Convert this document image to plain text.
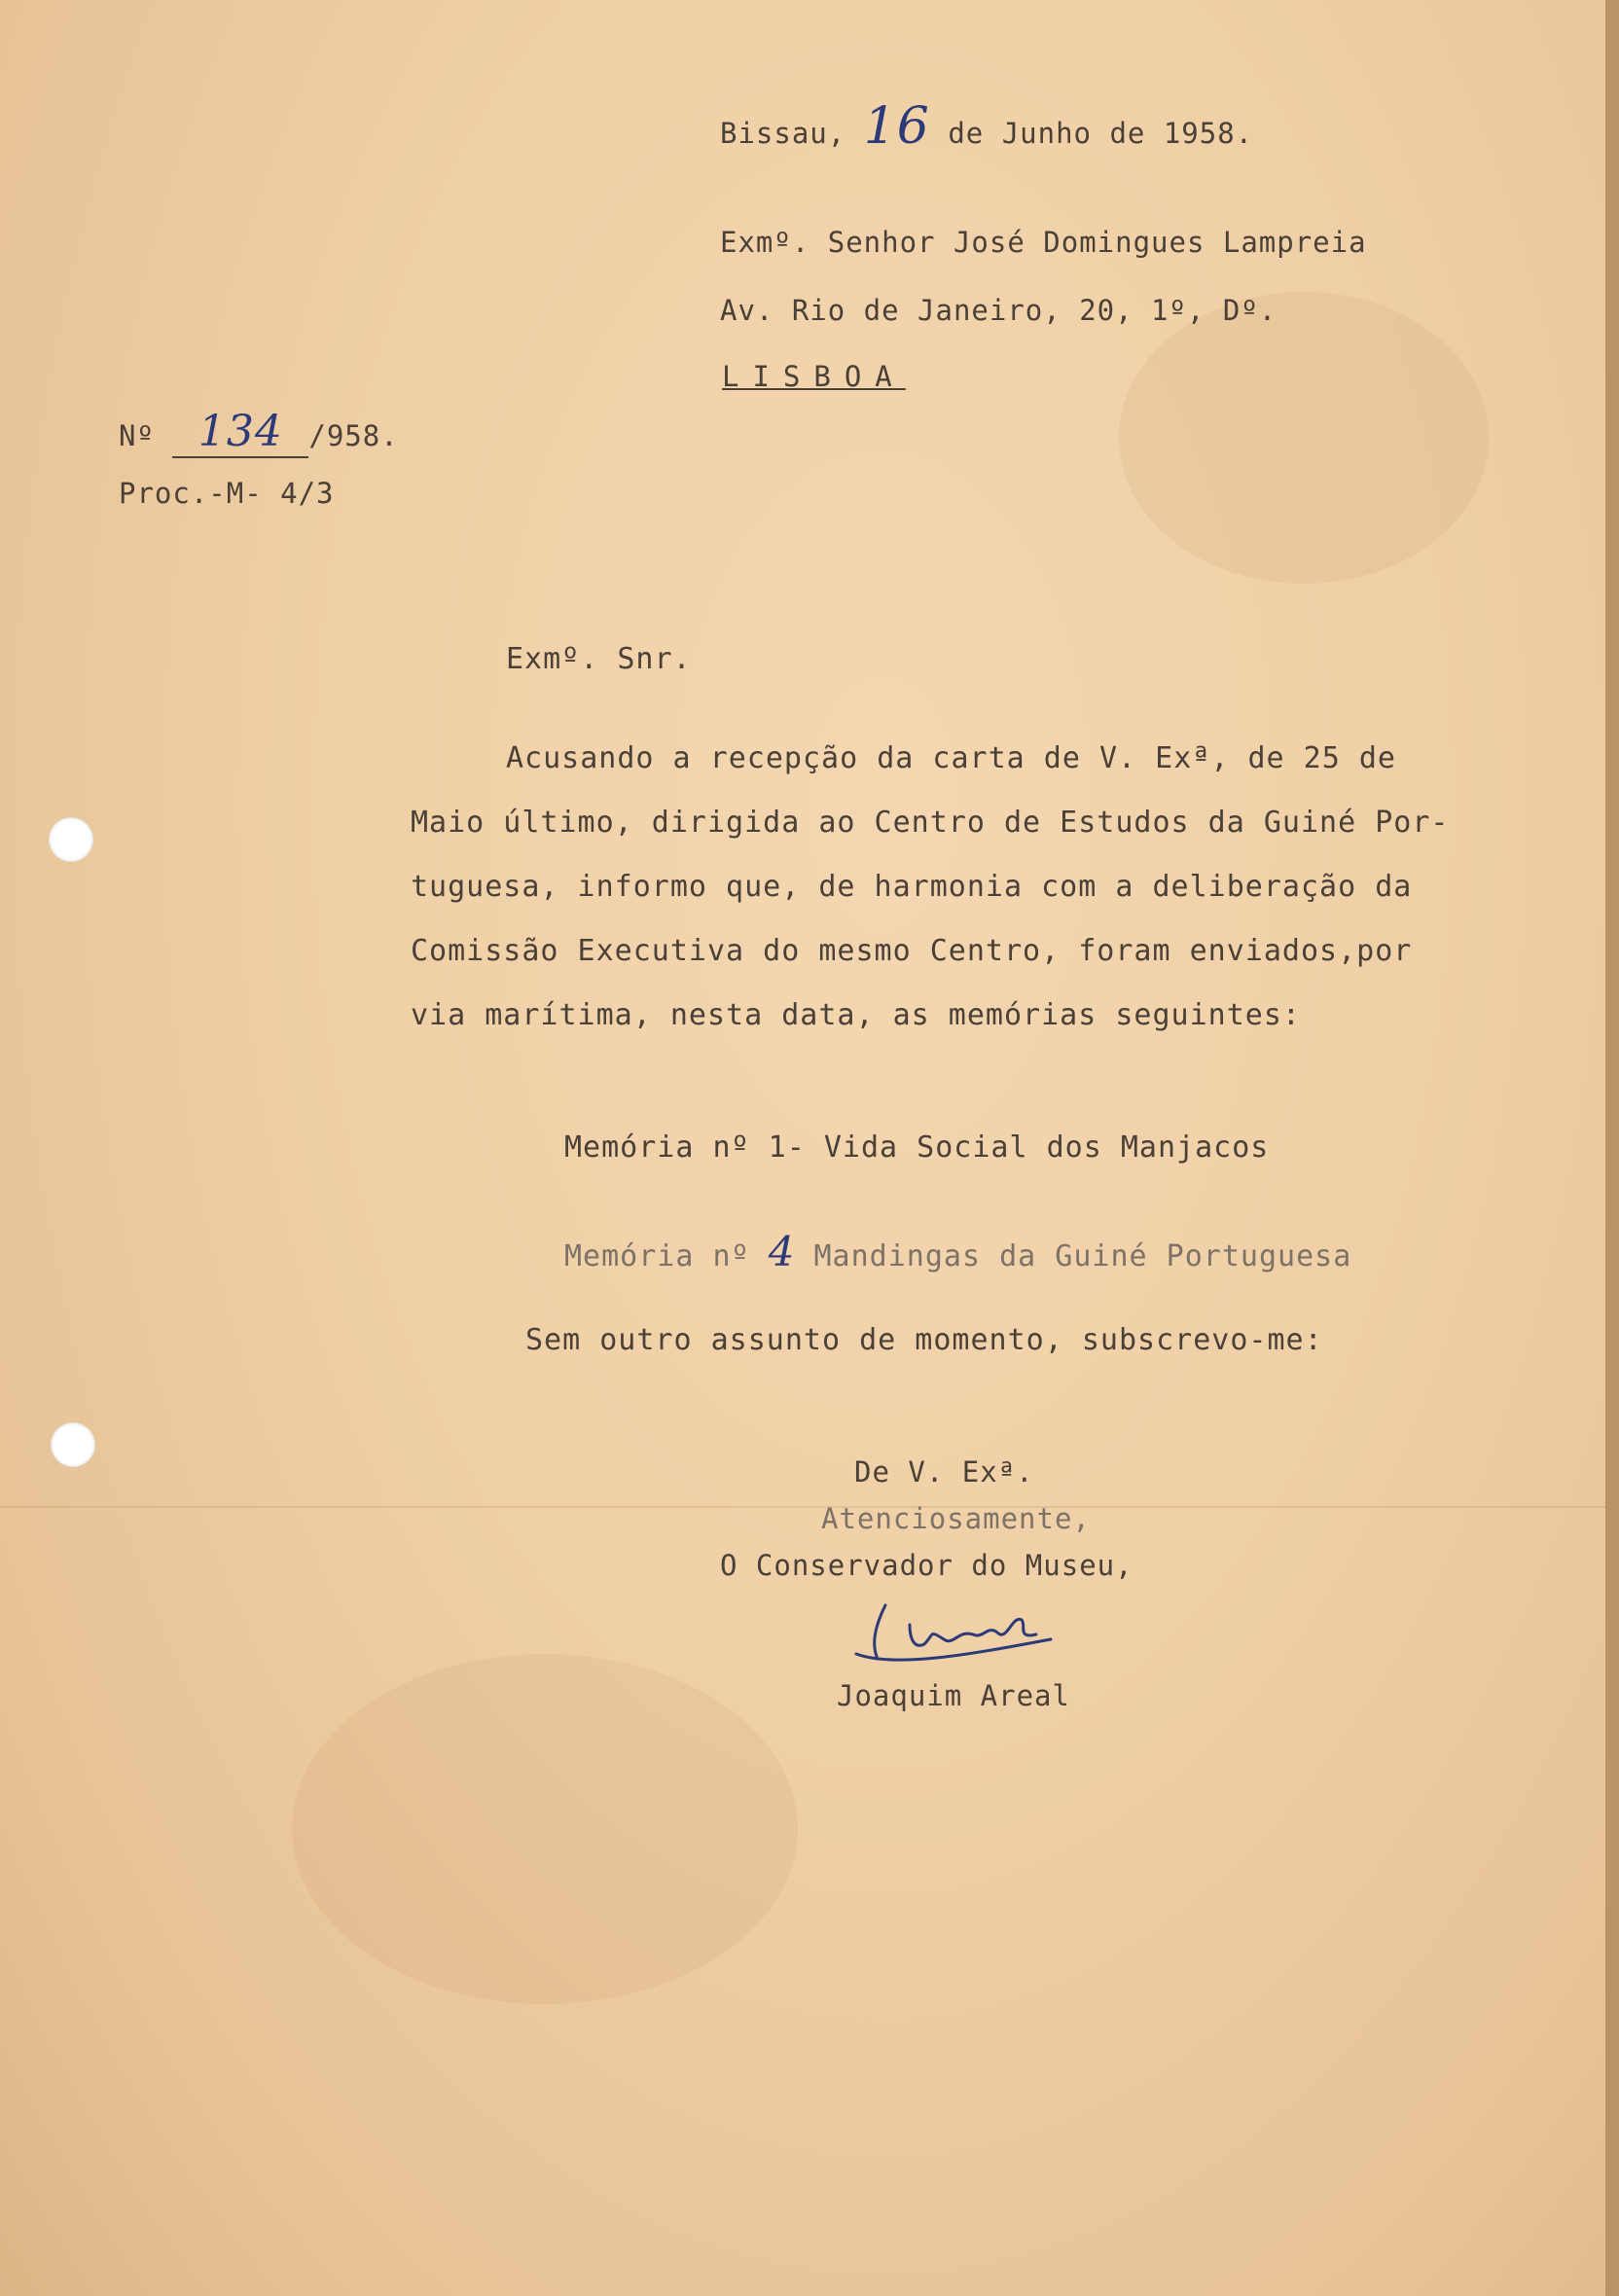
Bissau, 16 de Junho de 1958.
Exmº. Senhor José Domingues Lampreia
Av. Rio de Janeiro, 20, 1º, Dº.
LISBOA
Nº 134 /958.
Proc.-M- 4/3
Exmº. Snr.
Acusando a recepção da carta de V. Exª, de 25 de
Maio último, dirigida ao Centro de Estudos da Guiné Por-
tuguesa, informo que, de harmonia com a deliberação da
Comissão Executiva do mesmo Centro, foram enviados,por
via marítima, nesta data, as memórias seguintes:
Memória nº 1- Vida Social dos Manjacos
Memória nº 4 Mandingas da Guiné Portuguesa
Sem outro assunto de momento, subscrevo-me:
De V. Exª.
Atenciosamente,
O Conservador do Museu,
Joaquim Areal
